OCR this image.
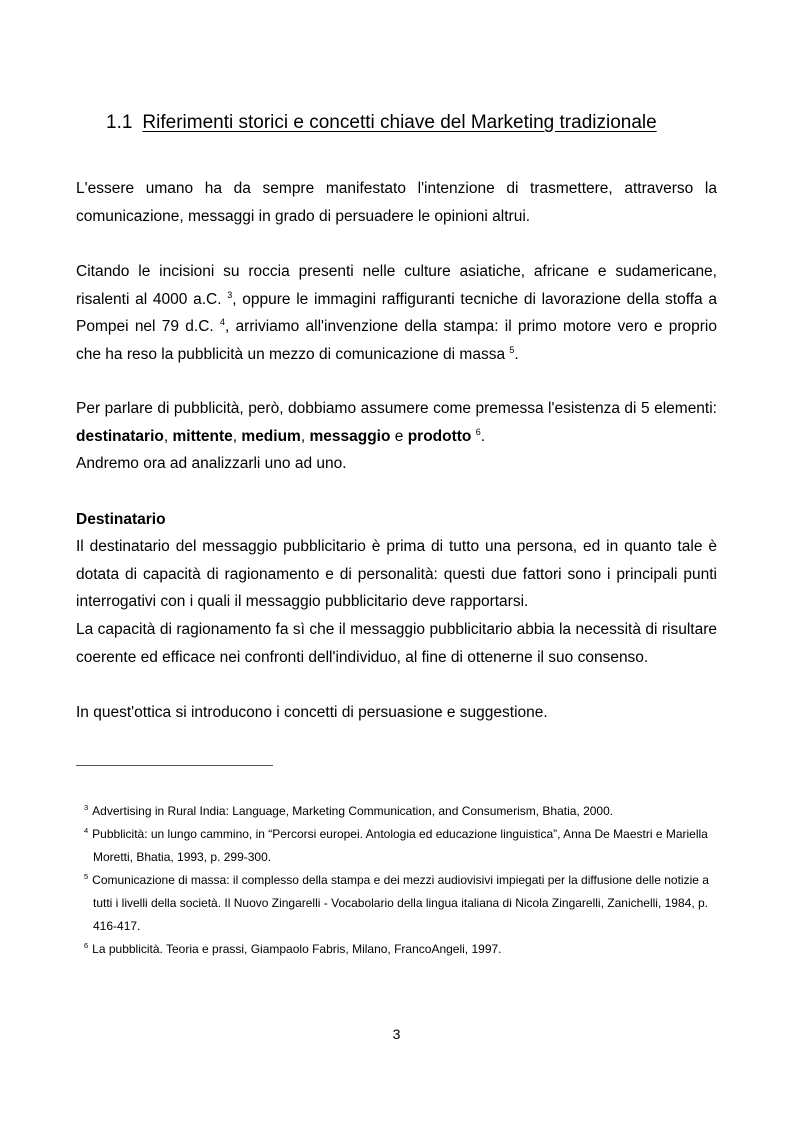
1.1 Riferimenti storici e concetti chiave del Marketing tradizionale

L'essere umano ha da sempre manifestato l'intenzione di trasmettere, attraverso la comunicazione, messaggi in grado di persuadere le opinioni altrui.

Citando le incisioni su roccia presenti nelle culture asiatiche, africane e sudamericane, risalenti al 4000 a.C. $^3$, oppure le immagini raffiguranti tecniche di lavorazione della stoffa a Pompei nel 79 d.C. $^4$, arriviamo all'invenzione della stampa: il primo motore vero e proprio che ha reso la pubblicità un mezzo di comunicazione di massa $^5$.

Per parlare di pubblicità, però, dobbiamo assumere come premessa l'esistenza di 5 elementi: destinatario, mittente, medium, messaggio e prodotto $^6$.

Andremo ora ad analizzarli uno ad uno.

Destinatario

Il destinatario del messaggio pubblicitario è prima di tutto una persona, ed in quanto tale è dotata di capacità di ragionamento e di personalità: questi due fattori sono i principali punti interrogativi con i quali il messaggio pubblicitario deve rapportarsi.

La capacità di ragionamento fa sì che il messaggio pubblicitario abbia la necessità di risultare coerente ed efficace nei confronti dell'individuo, al fine di ottenerne il suo consenso.

In quest'ottica si introducono i concetti di persuasione e suggestione.

$^3$ Advertising in Rural India: Language, Marketing Communication, and Consumerism, Bhatia, 2000.

$^4$ Pubblicità: un lungo cammino, in “Percorsi europei. Antologia ed educazione linguistica”, Anna De Maestri e Mariella Moretti, Bhatia, 1993, p. 299-300.

$^5$ Comunicazione di massa: il complesso della stampa e dei mezzi audiovisivi impiegati per la diffusione delle notizie a tutti i livelli della società. Il Nuovo Zingarelli - Vocabolario della lingua italiana di Nicola Zingarelli, Zanichelli, 1984, p. 416-417.

$^6$ La pubblicità. Teoria e prassi, Giampaolo Fabris, Milano, FrancoAngeli, 1997.

3
